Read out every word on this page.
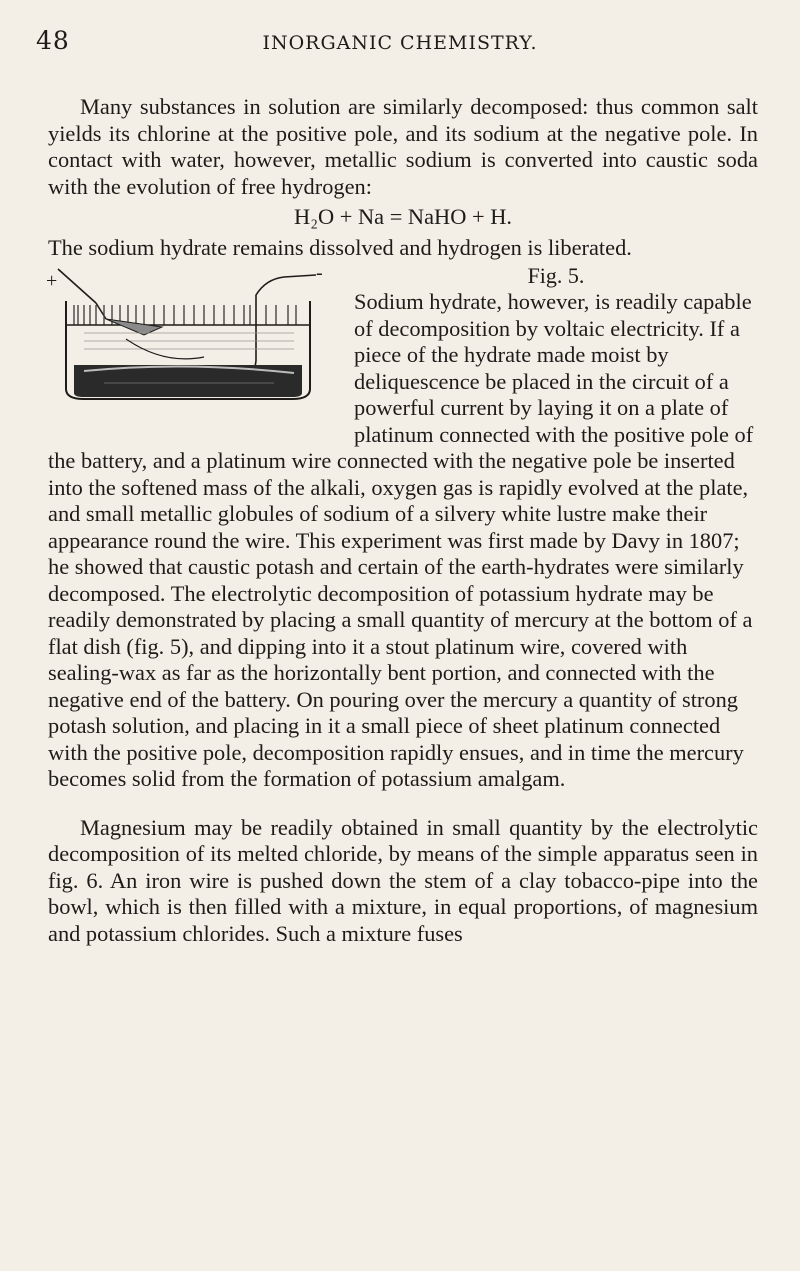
48	INORGANIC CHEMISTRY.

Many substances in solution are similarly decomposed: thus common salt yields its chlorine at the positive pole, and its sodium at the negative pole. In contact with water, however, metallic sodium is converted into caustic soda with the evolution of free hydrogen:

H₂O + Na = NaHO + H.

The sodium hydrate remains dissolved and hydrogen is liberated.

+	-	Fig. 5.
Sodium hydrate, however, is readily capable of decomposition by voltaic electricity. If a piece of the hydrate made moist by deliquescence be placed in the circuit of a powerful current by laying it on a plate of platinum connected with the positive pole of the battery, and a platinum wire connected with the negative pole be inserted into the softened mass of the alkali, oxygen gas is rapidly evolved at the plate, and small metallic globules of sodium of a silvery white lustre make their appearance round the wire. This experiment was first made by Davy in 1807; he showed that caustic potash and certain of the earth-hydrates were similarly decomposed. The electrolytic decomposition of potassium hydrate may be readily demonstrated by placing a small quantity of mercury at the bottom of a flat dish (fig. 5), and dipping into it a stout platinum wire, covered with sealing-wax as far as the horizontally bent portion, and connected with the negative end of the battery. On pouring over the mercury a quantity of strong potash solution, and placing in it a small piece of sheet platinum connected with the positive pole, decomposition rapidly ensues, and in time the mercury becomes solid from the formation of potassium amalgam.

Magnesium may be readily obtained in small quantity by the electrolytic decomposition of its melted chloride, by means of the simple apparatus seen in fig. 6. An iron wire is pushed down the stem of a clay tobacco-pipe into the bowl, which is then filled with a mixture, in equal proportions, of magnesium and potassium chlorides. Such a mixture fuses
